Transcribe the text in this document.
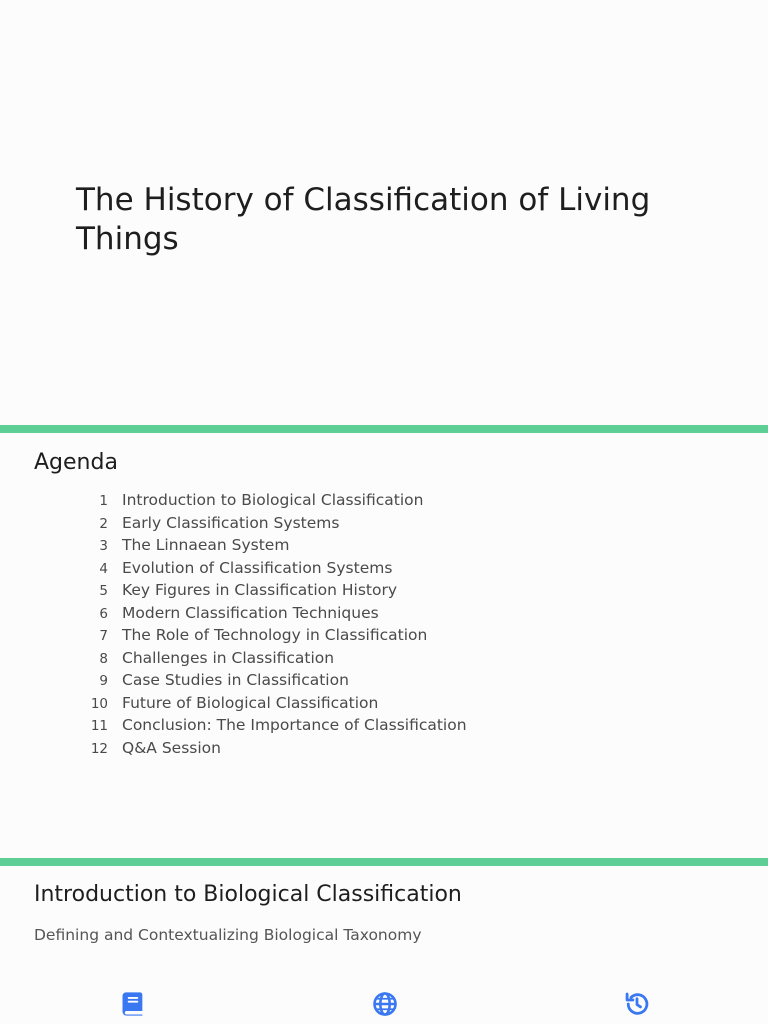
The History of Classification of Living Things
Agenda
1 Introduction to Biological Classification
2 Early Classification Systems
3 The Linnaean System
4 Evolution of Classification Systems
5 Key Figures in Classification History
6 Modern Classification Techniques
7 The Role of Technology in Classification
8 Challenges in Classification
9 Case Studies in Classification
10 Future of Biological Classification
11 Conclusion: The Importance of Classification
12 Q&A Session
Introduction to Biological Classification

Defining and Contextualizing Biological Taxonomy
